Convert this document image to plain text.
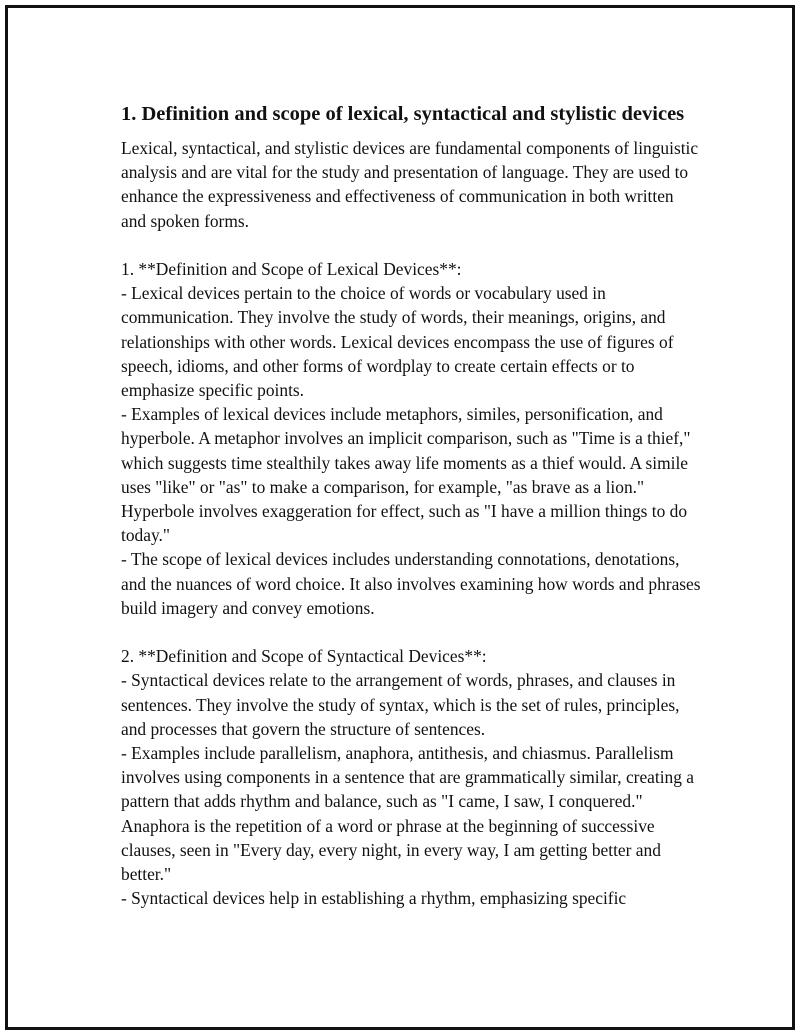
1. Definition and scope of lexical, syntactical and stylistic devices

Lexical, syntactical, and stylistic devices are fundamental components of linguistic analysis and are vital for the study and presentation of language. They are used to enhance the expressiveness and effectiveness of communication in both written and spoken forms.

1. **Definition and Scope of Lexical Devices**:

- Lexical devices pertain to the choice of words or vocabulary used in communication. They involve the study of words, their meanings, origins, and relationships with other words. Lexical devices encompass the use of figures of speech, idioms, and other forms of wordplay to create certain effects or to emphasize specific points.

- Examples of lexical devices include metaphors, similes, personification, and hyperbole. A metaphor involves an implicit comparison, such as "Time is a thief," which suggests time stealthily takes away life moments as a thief would. A simile uses "like" or "as" to make a comparison, for example, "as brave as a lion." Hyperbole involves exaggeration for effect, such as "I have a million things to do today."

- The scope of lexical devices includes understanding connotations, denotations, and the nuances of word choice. It also involves examining how words and phrases build imagery and convey emotions.

2. **Definition and Scope of Syntactical Devices**:

- Syntactical devices relate to the arrangement of words, phrases, and clauses in sentences. They involve the study of syntax, which is the set of rules, principles, and processes that govern the structure of sentences.

- Examples include parallelism, anaphora, antithesis, and chiasmus. Parallelism involves using components in a sentence that are grammatically similar, creating a pattern that adds rhythm and balance, such as "I came, I saw, I conquered." Anaphora is the repetition of a word or phrase at the beginning of successive clauses, seen in "Every day, every night, in every way, I am getting better and better."

- Syntactical devices help in establishing a rhythm, emphasizing specific
